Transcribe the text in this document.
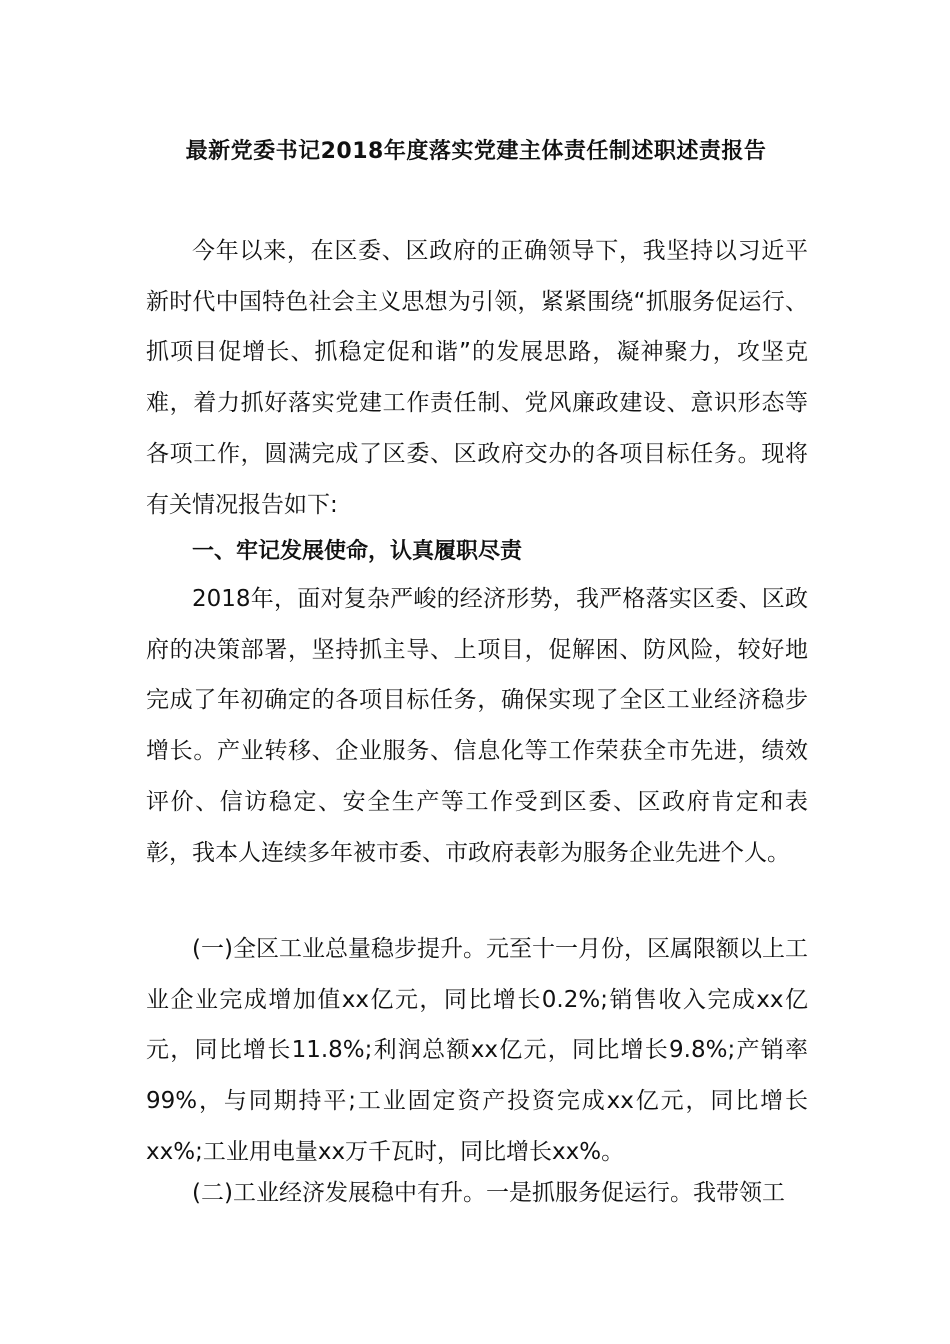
最新党委书记2018年度落实党建主体责任制述职述责报告

今年以来，在区委、区政府的正确领导下，我坚持以习近平新时代中国特色社会主义思想为引领，紧紧围绕“抓服务促运行、抓项目促增长、抓稳定促和谐”的发展思路，凝神聚力，攻坚克难，着力抓好落实党建工作责任制、党风廉政建设、意识形态等各项工作，圆满完成了区委、区政府交办的各项目标任务。现将有关情况报告如下:

一、牢记发展使命，认真履职尽责

2018年，面对复杂严峻的经济形势，我严格落实区委、区政府的决策部署，坚持抓主导、上项目，促解困、防风险，较好地完成了年初确定的各项目标任务，确保实现了全区工业经济稳步增长。产业转移、企业服务、信息化等工作荣获全市先进，绩效评价、信访稳定、安全生产等工作受到区委、区政府肯定和表彰，我本人连续多年被市委、市政府表彰为服务企业先进个人。

(一)全区工业总量稳步提升。元至十一月份，区属限额以上工业企业完成增加值xx亿元，同比增长0.2%;销售收入完成xx亿元，同比增长11.8%;利润总额xx亿元，同比增长9.8%;产销率99%，与同期持平;工业固定资产投资完成xx亿元，同比增长xx%;工业用电量xx万千瓦时，同比增长xx%。

(二)工业经济发展稳中有升。一是抓服务促运行。我带领工
